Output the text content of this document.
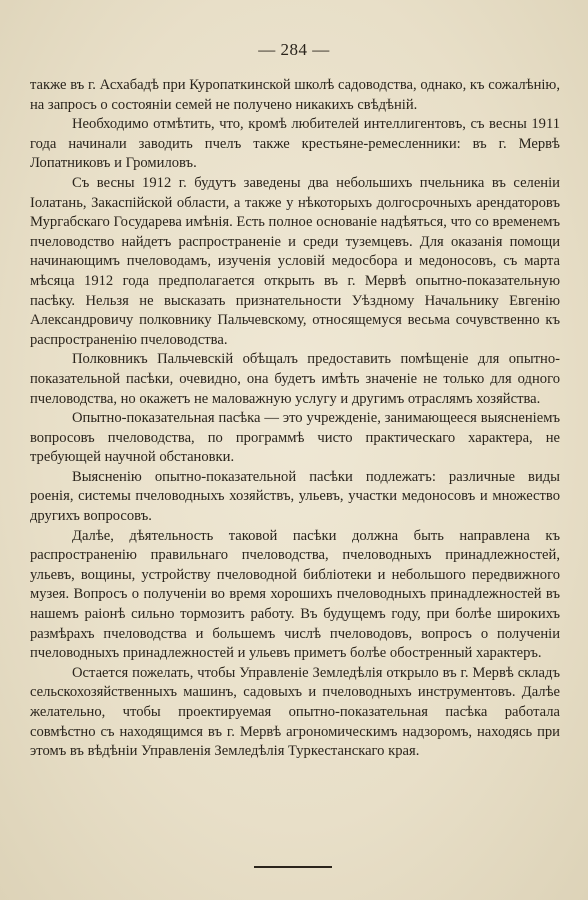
— 284 —

также въ г. Асхабадѣ при Куропаткинской школѣ садоводства, однако, къ сожалѣнію, на запросъ о состояніи семей не получено никакихъ свѣдѣній.

Необходимо отмѣтить, что, кромѣ любителей интеллигентовъ, съ весны 1911 года начинали заводить пчелъ также крестьяне-ремесленники: въ г. Мервѣ Лопатниковъ и Громиловъ.

Съ весны 1912 г. будутъ заведены два небольшихъ пчельника въ селеніи Іолатань, Закаспійской области, а также у нѣкоторыхъ долгосрочныхъ арендаторовъ Мургабскаго Государева имѣнія. Есть полное основаніе надѣяться, что со временемъ пчеловодство найдетъ распространеніе и среди туземцевъ. Для оказанія помощи начинающимъ пчеловодамъ, изученія условій медосбора и медоносовъ, съ марта мѣсяца 1912 года предполагается открыть въ г. Мервѣ опытно-показательную пасѣку. Нельзя не высказать признательности Уѣздному Начальнику Евгенію Александровичу полковнику Пальчевскому, относящемуся весьма сочувственно къ распространенію пчеловодства.

Полковникъ Пальчевскій обѣщалъ предоставить помѣщеніе для опытно-показательной пасѣки, очевидно, она будетъ имѣть значеніе не только для одного пчеловодства, но окажетъ не маловажную услугу и другимъ отраслямъ хозяйства.

Опытно-показательная пасѣка — это учрежденіе, занимающееся выясненіемъ вопросовъ пчеловодства, по программѣ чисто практическаго характера, не требующей научной обстановки.

Выясненію опытно-показательной пасѣки подлежатъ: различные виды роенія, системы пчеловодныхъ хозяйствъ, ульевъ, участки медоносовъ и множество другихъ вопросовъ.

Далѣе, дѣятельность таковой пасѣки должна быть направлена къ распространенію правильнаго пчеловодства, пчеловодныхъ принадлежностей, ульевъ, вощины, устройству пчеловодной библіотеки и небольшого передвижного музея. Вопросъ о полученіи во время хорошихъ пчеловодныхъ принадлежностей въ нашемъ раіонѣ сильно тормозитъ работу. Въ будущемъ году, при болѣе широкихъ размѣрахъ пчеловодства и большемъ числѣ пчеловодовъ, вопросъ о полученіи пчеловодныхъ принадлежностей и ульевъ приметъ болѣе обостренный характеръ.

Остается пожелать, чтобы Управленіе Земледѣлія открыло въ г. Мервѣ складъ сельскохозяйственныхъ машинъ, садовыхъ и пчеловодныхъ инструментовъ. Далѣе желательно, чтобы проектируемая опытно-показательная пасѣка работала совмѣстно съ находящимся въ г. Мервѣ агрономическимъ надзоромъ, находясь при этомъ въ вѣдѣніи Управленія Земледѣлія Туркестанскаго края.
